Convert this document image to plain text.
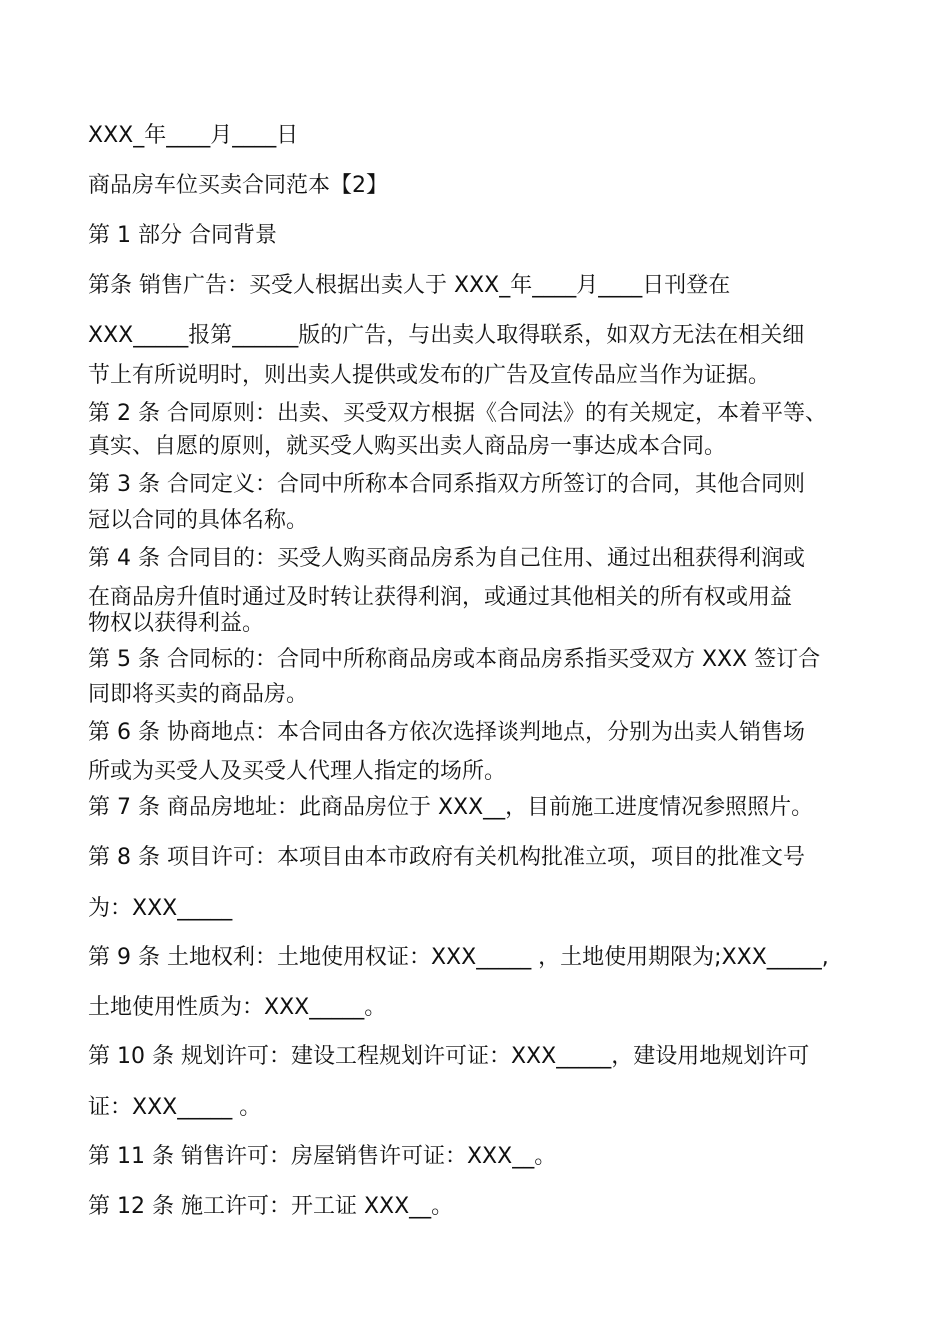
XXX_年____月____日
商品房车位买卖合同范本【2】
第 1 部分 合同背景
第条 销售广告：买受人根据出卖人于 XXX_年____月____日刊登在
XXX_____报第______版的广告，与出卖人取得联系，如双方无法在相关细
节上有所说明时，则出卖人提供或发布的广告及宣传品应当作为证据。
第 2 条 合同原则：出卖、买受双方根据《合同法》的有关规定，本着平等、
真实、自愿的原则，就买受人购买出卖人商品房一事达成本合同。
第 3 条 合同定义：合同中所称本合同系指双方所签订的合同，其他合同则
冠以合同的具体名称。
第 4 条 合同目的：买受人购买商品房系为自己住用、通过出租获得利润或
在商品房升值时通过及时转让获得利润，或通过其他相关的所有权或用益
物权以获得利益。
第 5 条 合同标的：合同中所称商品房或本商品房系指买受双方 XXX 签订合
同即将买卖的商品房。
第 6 条 协商地点：本合同由各方依次选择谈判地点，分别为出卖人销售场
所或为买受人及买受人代理人指定的场所。
第 7 条 商品房地址：此商品房位于 XXX__，目前施工进度情况参照照片。
第 8 条 项目许可：本项目由本市政府有关机构批准立项，项目的批准文号
为：XXX_____
第 9 条 土地权利：土地使用权证：XXX_____ ，土地使用期限为;XXX_____,
土地使用性质为：XXX_____。
第 10 条 规划许可：建设工程规划许可证：XXX_____，建设用地规划许可
证：XXX_____ 。
第 11 条 销售许可：房屋销售许可证：XXX__。
第 12 条 施工许可：开工证 XXX__。
